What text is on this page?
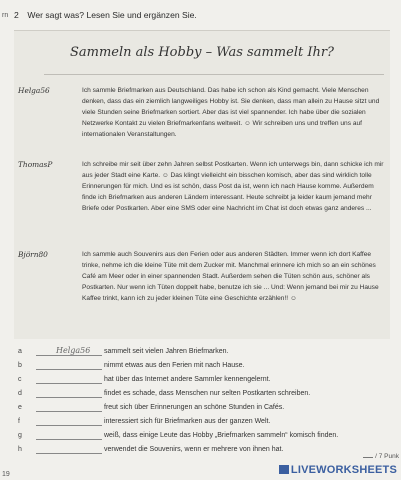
rn 2 Wer sagt was? Lesen Sie und ergänzen Sie.
Sammeln als Hobby – Was sammelt Ihr?
Helga56	Ich sammle Briefmarken aus Deutschland. Das habe ich schon als Kind gemacht. Viele Menschen denken, dass das ein ziemlich langweiliges Hobby ist. Sie denken, dass man allein zu Hause sitzt und viele Stunden seine Briefmarken sortiert. Aber das ist viel spannender. Ich habe über die sozialen Netzwerke Kontakt zu vielen Briefmarkenfans weltweit. ☺ Wir schreiben uns und treffen uns auf internationalen Veranstaltungen.
ThomasP	Ich schreibe mir seit über zehn Jahren selbst Postkarten. Wenn ich unterwegs bin, dann schicke ich mir aus jeder Stadt eine Karte. ☺ Das klingt vielleicht ein bisschen komisch, aber das sind wirklich tolle Erinnerungen für mich. Und es ist schön, dass Post da ist, wenn ich nach Hause komme. Außerdem finde ich Briefmarken aus anderen Ländern interessant. Heute schreibt ja leider kaum jemand mehr Briefe oder Postkarten. Aber eine SMS oder eine Nachricht im Chat ist doch etwas ganz anderes ...
Björn80	Ich sammle auch Souvenirs aus den Ferien oder aus anderen Städten. Immer wenn ich dort Kaffee trinke, nehme ich die kleine Tüte mit dem Zucker mit. Manchmal erinnere ich mich so an ein schönes Café am Meer oder in einer spannenden Stadt. Außerdem sehen die Tüten schön aus, schöner als Postkarten. Nur wenn ich Tüten doppelt habe, benutze ich sie ... Und: Wenn jemand bei mir zu Hause Kaffee trinkt, kann ich zu jeder kleinen Tüte eine Geschichte erzählen!! ☺
a	Helga56	sammelt seit vielen Jahren Briefmarken.
b	nimmt etwas aus den Ferien mit nach Hause.
c	hat über das Internet andere Sammler kennengelernt.
d	findet es schade, dass Menschen nur selten Postkarten schreiben.
e	freut sich über Erinnerungen an schöne Stunden in Cafés.
f	interessiert sich für Briefmarken aus der ganzen Welt.
g	weiß, dass einige Leute das Hobby „Briefmarken sammeln“ komisch finden.
h	verwendet die Souvenirs, wenn er mehrere von ihnen hat.
/ 7 Punk
LIVEWORKSHEETS
19
